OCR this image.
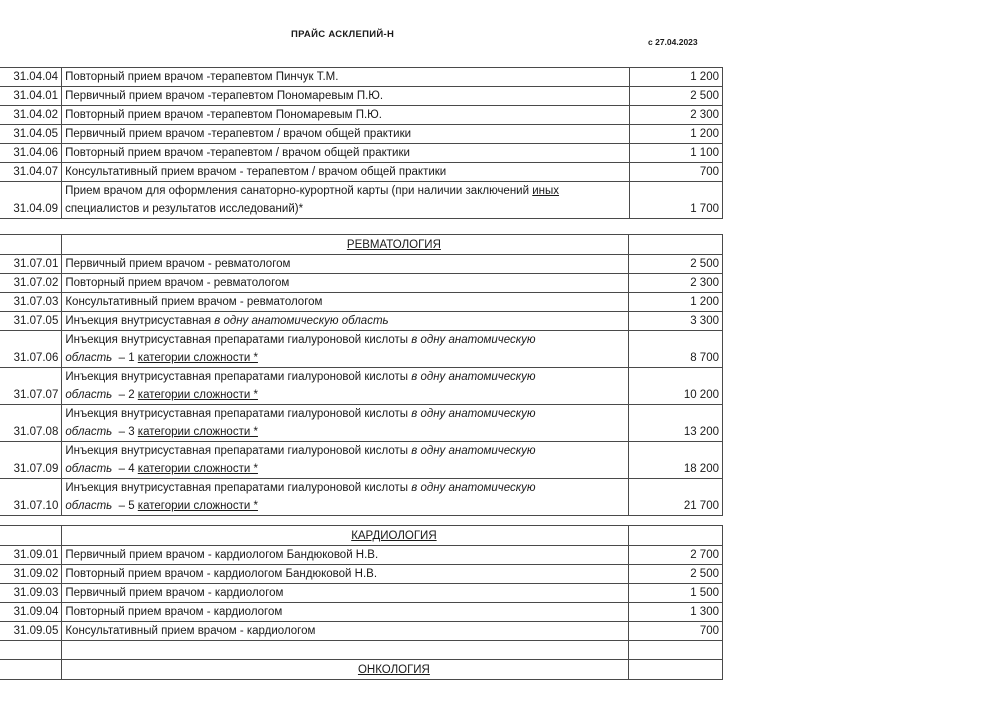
ПРАЙС АСКЛЕПИЙ-Н
с 27.04.2023
31.04.04	Повторный прием врачом -терапевтом Пинчук Т.М.	1 200
31.04.01	Первичный прием врачом -терапевтом Пономаревым П.Ю.	2 500
31.04.02	Повторный прием врачом -терапевтом Пономаревым П.Ю.	2 300
31.04.05	Первичный прием врачом -терапевтом / врачом общей практики	1 200
31.04.06	Повторный прием врачом -терапевтом / врачом общей практики	1 100
31.04.07	Консультативный прием врачом - терапевтом / врачом общей практики	700
31.04.09	Прием врачом для оформления санаторно-курортной карты (при наличии заключений иных
специалистов и результатов исследований)*	1 700
	РЕВМАТОЛОГИЯ	
31.07.01	Первичный прием врачом - ревматологом	2 500
31.07.02	Повторный прием врачом - ревматологом	2 300
31.07.03	Консультативный прием врачом - ревматологом	1 200
31.07.05	Инъекция внутрисуставная в одну анатомическую область	3 300
31.07.06	Инъекция внутрисуставная препаратами гиалуроновой кислоты в одну анатомическую
область  – 1 категории сложности *	8 700
31.07.07	Инъекция внутрисуставная препаратами гиалуроновой кислоты в одну анатомическую
область  – 2 категории сложности *	10 200
31.07.08	Инъекция внутрисуставная препаратами гиалуроновой кислоты в одну анатомическую
область  – 3 категории сложности *	13 200
31.07.09	Инъекция внутрисуставная препаратами гиалуроновой кислоты в одну анатомическую
область  – 4 категории сложности *	18 200
31.07.10	Инъекция внутрисуставная препаратами гиалуроновой кислоты в одну анатомическую
область  – 5 категории сложности *	21 700
	КАРДИОЛОГИЯ	
31.09.01	Первичный прием врачом - кардиологом Бандюковой Н.В.	2 700
31.09.02	Повторный прием врачом - кардиологом Бандюковой Н.В.	2 500
31.09.03	Первичный прием врачом - кардиологом	1 500
31.09.04	Повторный прием врачом - кардиологом	1 300
31.09.05	Консультативный прием врачом - кардиологом	700

	ОНКОЛОГИЯ	
